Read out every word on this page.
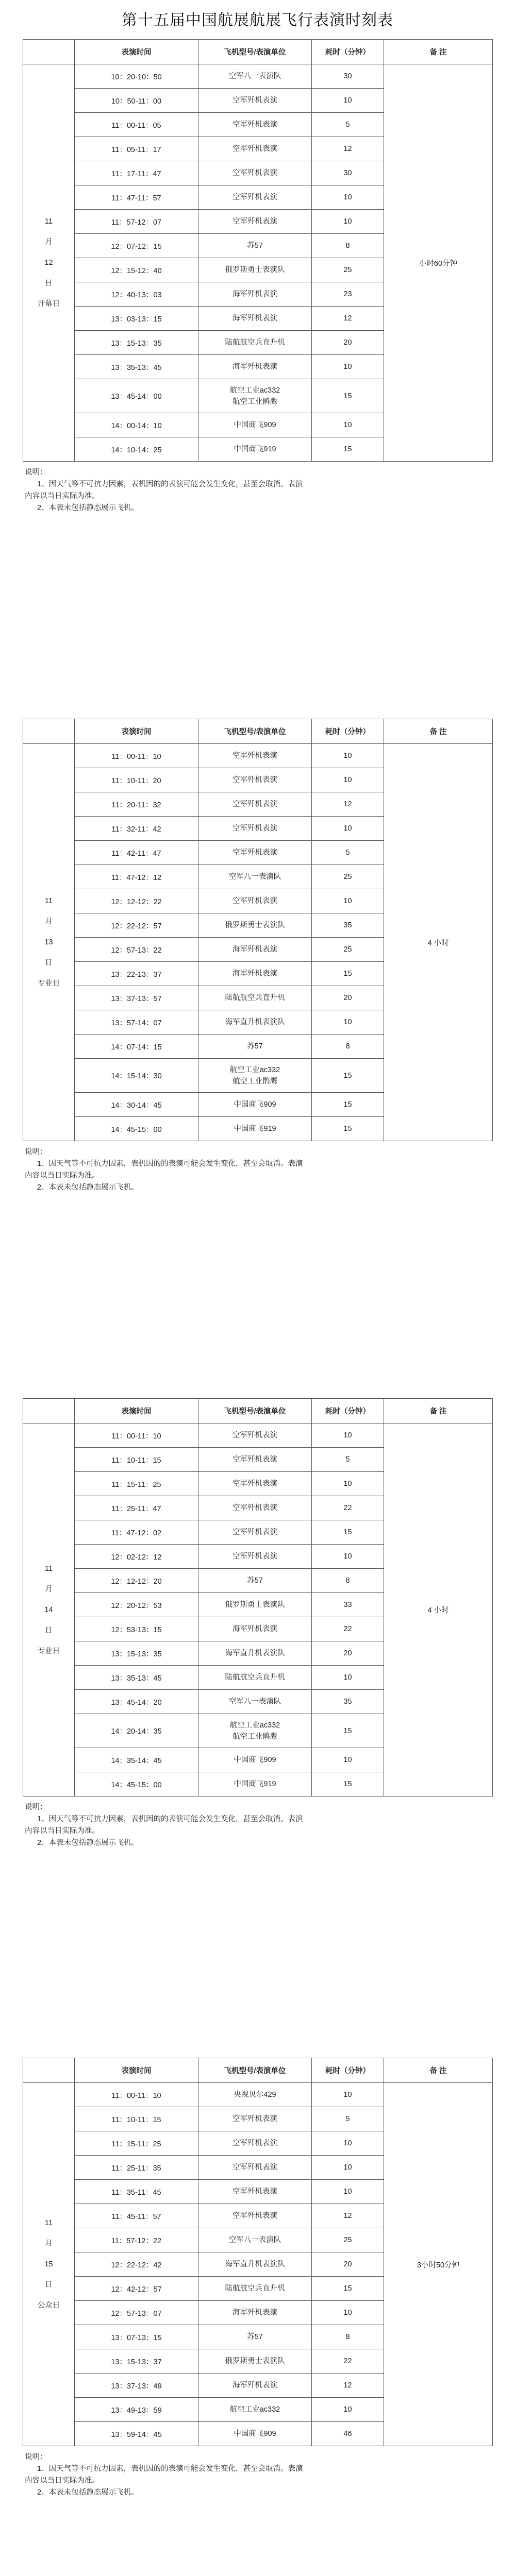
第十五届中国航展航展飞行表演时刻表
	表演时间	飞机型号/表演单位	耗时（分钟）	备 注

11
月
12
日
开幕日	10：20-10：50	空军八一表演队	30	小时60分钟
	10：50-11：00	空军歼机表演	10	
	11：00-11：05	空军歼机表演	5	
	11：05-11：17	空军歼机表演	12	
	11：17-11：47	空军歼机表演	30	
	11：47-11：57	空军歼机表演	10	
	11：57-12：07	空军歼机表演	10	
	12：07-12：15	苏57	8	
	12：15-12：40	俄罗斯勇士表演队	25	
	12：40-13：03	海军歼机表演	23	
	13：03-13：15	海军歼机表演	12	
	13：15-13：35	陆航航空兵直升机	20	
	13：35-13：45	海军歼机表演	10	
	13：45-14：00	航空工业ac332
航空工业鹘鹰	15	
	14：00-14：10	中国商飞909	10	
	14：10-14：25	中国商飞919	15	

说明：

1、因天气等不可抗力因素，表机因的的表演可能会发生变化，甚至会取消。表演

内容以当日实际为准。

2、本表未包括静态展示飞机。

	表演时间	飞机型号/表演单位	耗时（分钟）	备 注

11
月
13
日
专业日	11：00-11：10	空军歼机表演	10	4 小时
	11：10-11：20	空军歼机表演	10	
	11：20-11：32	空军歼机表演	12	
	11：32-11：42	空军歼机表演	10	
	11：42-11：47	空军歼机表演	5	
	11：47-12：12	空军八一表演队	25	
	12：12-12：22	空军歼机表演	10	
	12：22-12：57	俄罗斯勇士表演队	35	
	12：57-13：22	海军歼机表演	25	
	13：22-13：37	海军歼机表演	15	
	13：37-13：57	陆航航空兵直升机	20	
	13：57-14：07	海军直升机表演队	10	
	14：07-14：15	苏57	8	
	14：15-14：30	航空工业ac332
航空工业鹘鹰	15	
	14：30-14：45	中国商飞909	15	
	14：45-15：00	中国商飞919	15	

说明：

1、因天气等不可抗力因素，表机因的的表演可能会发生变化，甚至会取消。表演

内容以当日实际为准。

2、本表未包括静态展示飞机。

	表演时间	飞机型号/表演单位	耗时（分钟）	备 注

11
月
14
日
专业日	11：00-11：10	空军歼机表演	10	4 小时
	11：10-11：15	空军歼机表演	5	
	11：15-11：25	空军歼机表演	10	
	11：25-11：47	空军歼机表演	22	
	11：47-12：02	空军歼机表演	15	
	12：02-12：12	空军歼机表演	10	
	12：12-12：20	苏57	8	
	12：20-12：53	俄罗斯勇士表演队	33	
	12：53-13：15	海军歼机表演	22	
	13：15-13：35	海军直升机表演队	20	
	13：35-13：45	陆航航空兵直升机	10	
	13：45-14：20	空军八一表演队	35	
	14：20-14：35	航空工业ac332
航空工业鹘鹰	15	
	14：35-14：45	中国商飞909	10	
	14：45-15：00	中国商飞919	15	

说明：

1、因天气等不可抗力因素，表机因的的表演可能会发生变化，甚至会取消。表演

内容以当日实际为准。

2、本表未包括静态展示飞机。

	表演时间	飞机型号/表演单位	耗时（分钟）	备 注

11
月
15
日
公众日	11：00-11：10	央视贝尔429	10	3小时50分钟
	11：10-11：15	空军歼机表演	5	
	11：15-11：25	空军歼机表演	10	
	11：25-11：35	空军歼机表演	10	
	11：35-11：45	空军歼机表演	10	
	11：45-11：57	空军歼机表演	12	
	11：57-12：22	空军八一表演队	25	
	12：22-12：42	海军直升机表演队	20	
	12：42-12：57	陆航航空兵直升机	15	
	12：57-13：07	海军歼机表演	10	
	13：07-13：15	苏57	8	
	13：15-13：37	俄罗斯勇士表演队	22	
	13：37-13：49	海军歼机表演	12	
	13：49-13：59	航空工业ac332	10	
	13：59-14：45	中国商飞909	46	

说明：

1、因天气等不可抗力因素，表机因的的表演可能会发生变化，甚至会取消。表演

内容以当日实际为准。

2、本表未包括静态展示飞机。
